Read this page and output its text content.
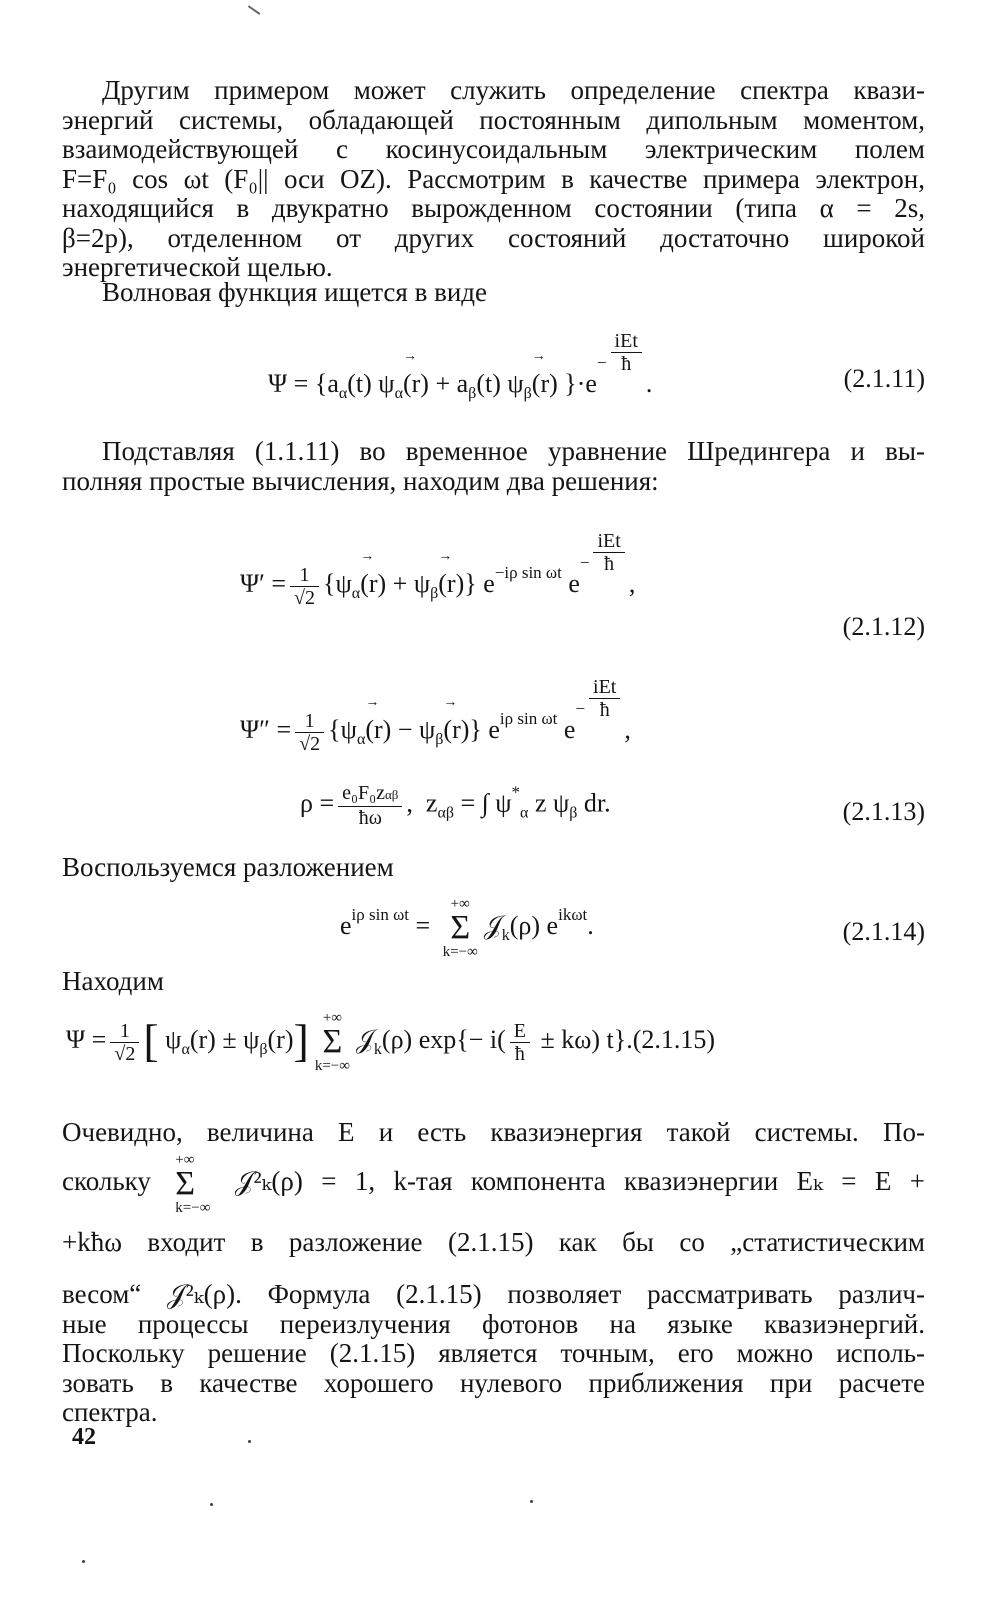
Другим примером может служить определение спектра квази-
энергий системы, обладающей постоянным дипольным моментом,
взаимодействующей с косинусоидальным электрическим полем
F=F₀ cos ωt (F₀|| оси OZ). Рассмотрим в качестве примера электрон,
находящийся в двукратно вырожденном состоянии (типа α = 2s,
β=2p), отделенном от других состояний достаточно широкой
энергетической щелью.
Волновая функция ищется в виде
$\Psi = \{a_\alpha(t)$ $\psi_\alpha\to (r) + a_\beta(t)$ $\psi_\beta\to (r)$ }$\cdot e^- \frac{\text{iEt}}{ħ}$
.	(2.1.11)
Подставляя (1.1.11) во временное уравнение Шредингера и вы-
полняя простые вычисления, находим два решения:
$\Psi' = \frac{1}{√2} \{\psi_\alpha\to (r) + \psi_\beta\to (r)\}$ $e^{-i\rho sin \omega t}$ $e^- \frac{\text{iEt}}{ħ}$
,
(2.1.12)
$\Psi'' = \frac{1}{√2} \{\psi_\alpha\to (r) - \psi_\beta\to (r)\}$ $e^{i\rho sin \omega t}$ $e^- \frac{\text{iEt}}{ħ}$
,
$\rho = \frac{\text{e₀F₀zαβ}}{ħ\omega}$ , $z_{\alpha\beta}$ = ∫ $\psi^*_\alpha$ z $\psi_\beta$ dr.	(2.1.13)
Воспользуемся разложением
$e^{i\rho sin \omega t}$ = +∞
Σ
k=−∞𝒥$_k$(ρ) $e^{ik\omega t}$.	(2.1.14)
Находим
$\Psi = \frac{1}{√2}$ [ $\psi_\alpha(r) \pm \psi_\beta(r)$] +∞
Σ
k=−∞𝒥$_k$(ρ) $\exp\{- i( \frac{E}{ħ} \pm k\omega)$ t}.(2.1.15)
Очевидно, величина E и есть квазиэнергия такой системы. По-
скольку +∞
Σ
k=−∞ 𝒥²ₖ(ρ) = 1, k-тая компонента квазиэнергии Eₖ = E +
+kħω входит в разложение (2.1.15) как бы со „статистическим
весом“ 𝒥²ₖ(ρ). Формула (2.1.15) позволяет рассматривать различ-
ные процессы переизлучения фотонов на языке квазиэнергий.
Поскольку решение (2.1.15) является точным, его можно исполь-
зовать в качестве хорошего нулевого приближения при расчете
спектра.
42
